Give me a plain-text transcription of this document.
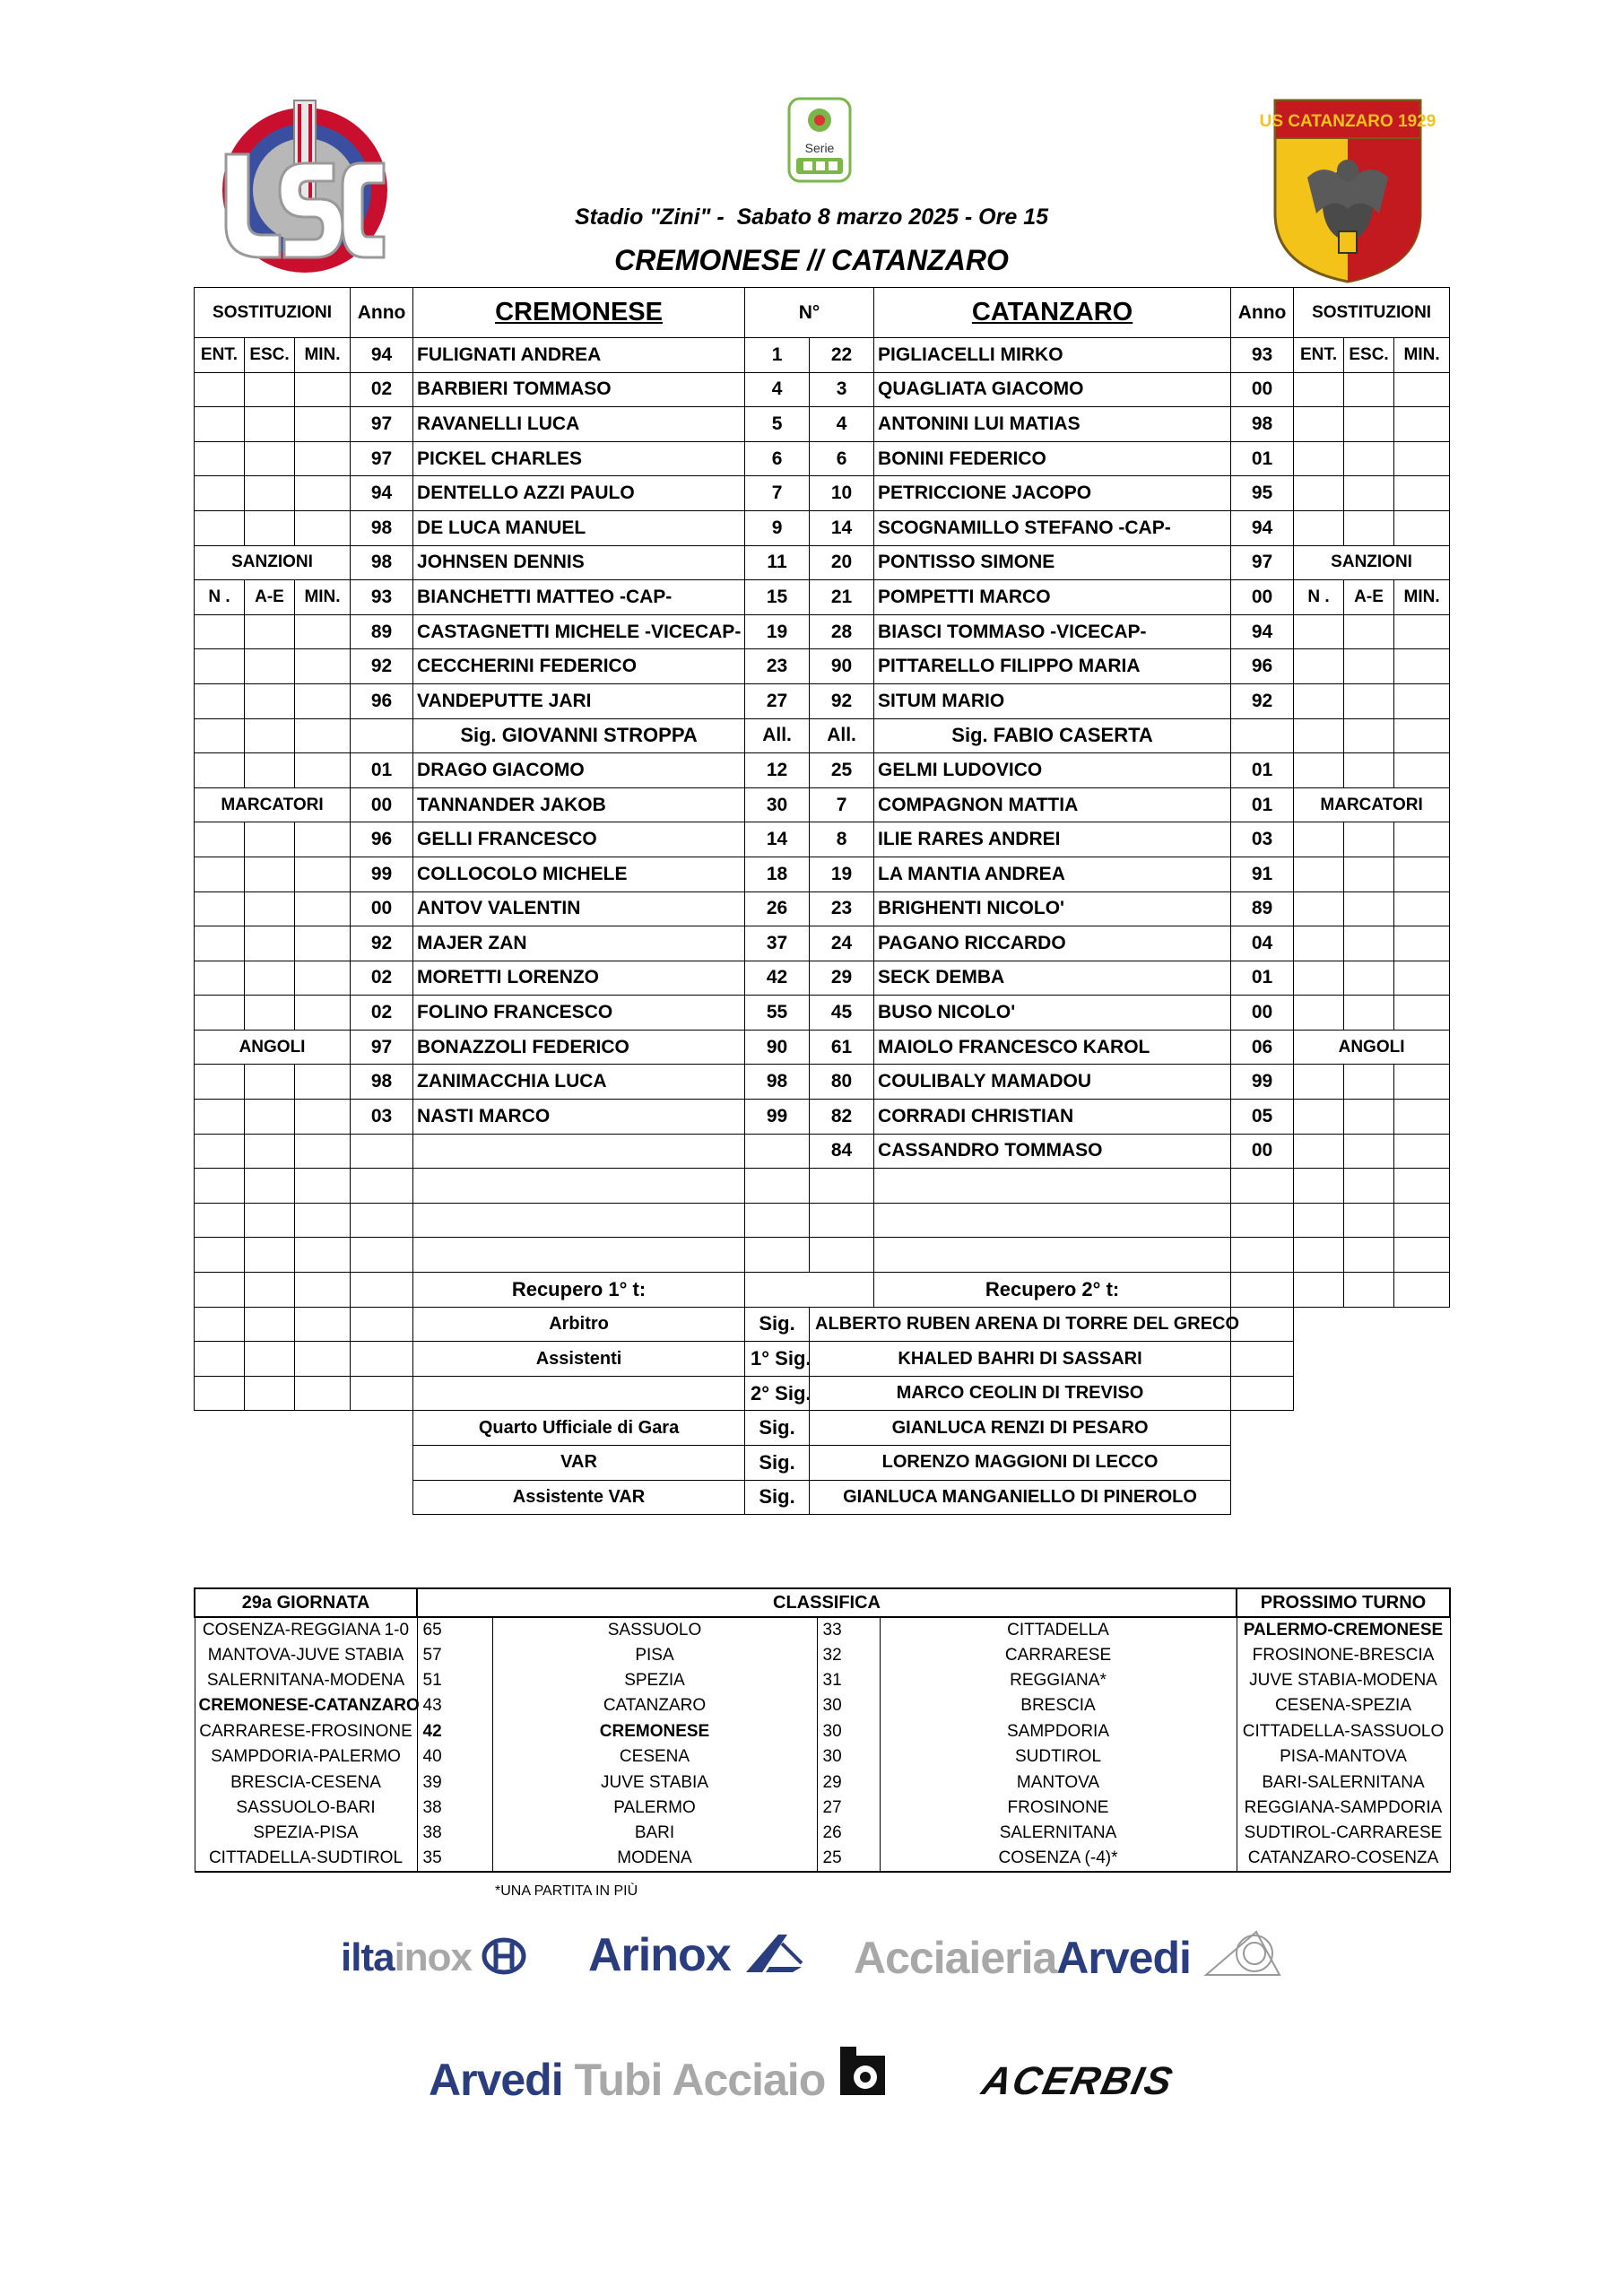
Serie
US CATANZARO 1929
Stadio "Zini" -  Sabato 8 marzo 2025 - Ore 15
CREMONESE // CATANZARO
SOSTITUZIONI			Anno	CREMONESE	N°		CATANZARO	Anno	SOSTITUZIONI		
ENT.	ESC.	MIN.	94	FULIGNATI ANDREA	1	22	PIGLIACELLI MIRKO	93	ENT.	ESC.	MIN.
			02	BARBIERI TOMMASO	4	3	QUAGLIATA GIACOMO	00			
			97	RAVANELLI LUCA	5	4	ANTONINI LUI MATIAS	98			
			97	PICKEL CHARLES	6	6	BONINI FEDERICO	01			
			94	DENTELLO AZZI PAULO	7	10	PETRICCIONE JACOPO	95			
			98	DE LUCA MANUEL	9	14	SCOGNAMILLO STEFANO -CAP-	94			
SANZIONI			98	JOHNSEN DENNIS	11	20	PONTISSO SIMONE	97	SANZIONI		
N .	A-E	MIN.	93	BIANCHETTI MATTEO -CAP-	15	21	POMPETTI MARCO	00	N .	A-E	MIN.
			89	CASTAGNETTI MICHELE -VICECAP-	19	28	BIASCI TOMMASO -VICECAP-	94			
			92	CECCHERINI FEDERICO	23	90	PITTARELLO FILIPPO MARIA	96			
			96	VANDEPUTTE JARI	27	92	SITUM MARIO	92			
				Sig. GIOVANNI STROPPA	All.	All.	Sig. FABIO CASERTA				
			01	DRAGO GIACOMO	12	25	GELMI LUDOVICO	01			
MARCATORI			00	TANNANDER JAKOB	30	7	COMPAGNON MATTIA	01	MARCATORI		
			96	GELLI FRANCESCO	14	8	ILIE RARES ANDREI	03			
			99	COLLOCOLO MICHELE	18	19	LA MANTIA ANDREA	91			
			00	ANTOV VALENTIN	26	23	BRIGHENTI NICOLO'	89			
			92	MAJER ZAN	37	24	PAGANO RICCARDO	04			
			02	MORETTI LORENZO	42	29	SECK DEMBA	01			
			02	FOLINO FRANCESCO	55	45	BUSO NICOLO'	00			
ANGOLI			97	BONAZZOLI FEDERICO	90	61	MAIOLO FRANCESCO KAROL	06	ANGOLI		
			98	ZANIMACCHIA LUCA	98	80	COULIBALY MAMADOU	99			
			03	NASTI MARCO	99	82	CORRADI CHRISTIAN	05			
						84	CASSANDRO TOMMASO	00			

				Recupero 1° t:			Recupero 2° t:				
				Arbitro	Sig.	ALBERTO RUBEN ARENA DI TORRE DEL GRECO					
				Assistenti	1° Sig.	KHALED BAHRI DI SASSARI					
					2° Sig.	MARCO CEOLIN DI TREVISO					
				Quarto Ufficiale di Gara	Sig.	GIANLUCA RENZI DI PESARO					
				VAR	Sig.	LORENZO MAGGIONI DI LECCO					
				Assistente VAR	Sig.	GIANLUCA MANGANIELLO DI PINEROLO					
29a GIORNATA	CLASSIFICA				PROSSIMO TURNO
COSENZA-REGGIANA 1-0	65	SASSUOLO	33	CITTADELLA	PALERMO-CREMONESE
MANTOVA-JUVE STABIA	57	PISA	32	CARRARESE	FROSINONE-BRESCIA
SALERNITANA-MODENA	51	SPEZIA	31	REGGIANA*	JUVE STABIA-MODENA
CREMONESE-CATANZARO	43	CATANZARO	30	BRESCIA	CESENA-SPEZIA
CARRARESE-FROSINONE	42	CREMONESE	30	SAMPDORIA	CITTADELLA-SASSUOLO
SAMPDORIA-PALERMO	40	CESENA	30	SUDTIROL	PISA-MANTOVA
BRESCIA-CESENA	39	JUVE STABIA	29	MANTOVA	BARI-SALERNITANA
SASSUOLO-BARI	38	PALERMO	27	FROSINONE	REGGIANA-SAMPDORIA
SPEZIA-PISA	38	BARI	26	SALERNITANA	SUDTIROL-CARRARESE
CITTADELLA-SUDTIROL	35	MODENA	25	COSENZA (-4)*	CATANZARO-COSENZA
*UNA PARTITA IN PIÙ
iltainox	Arinox	AcciaieriaArvedi
Arvedi Tubi Acciaio	ACERBIS
